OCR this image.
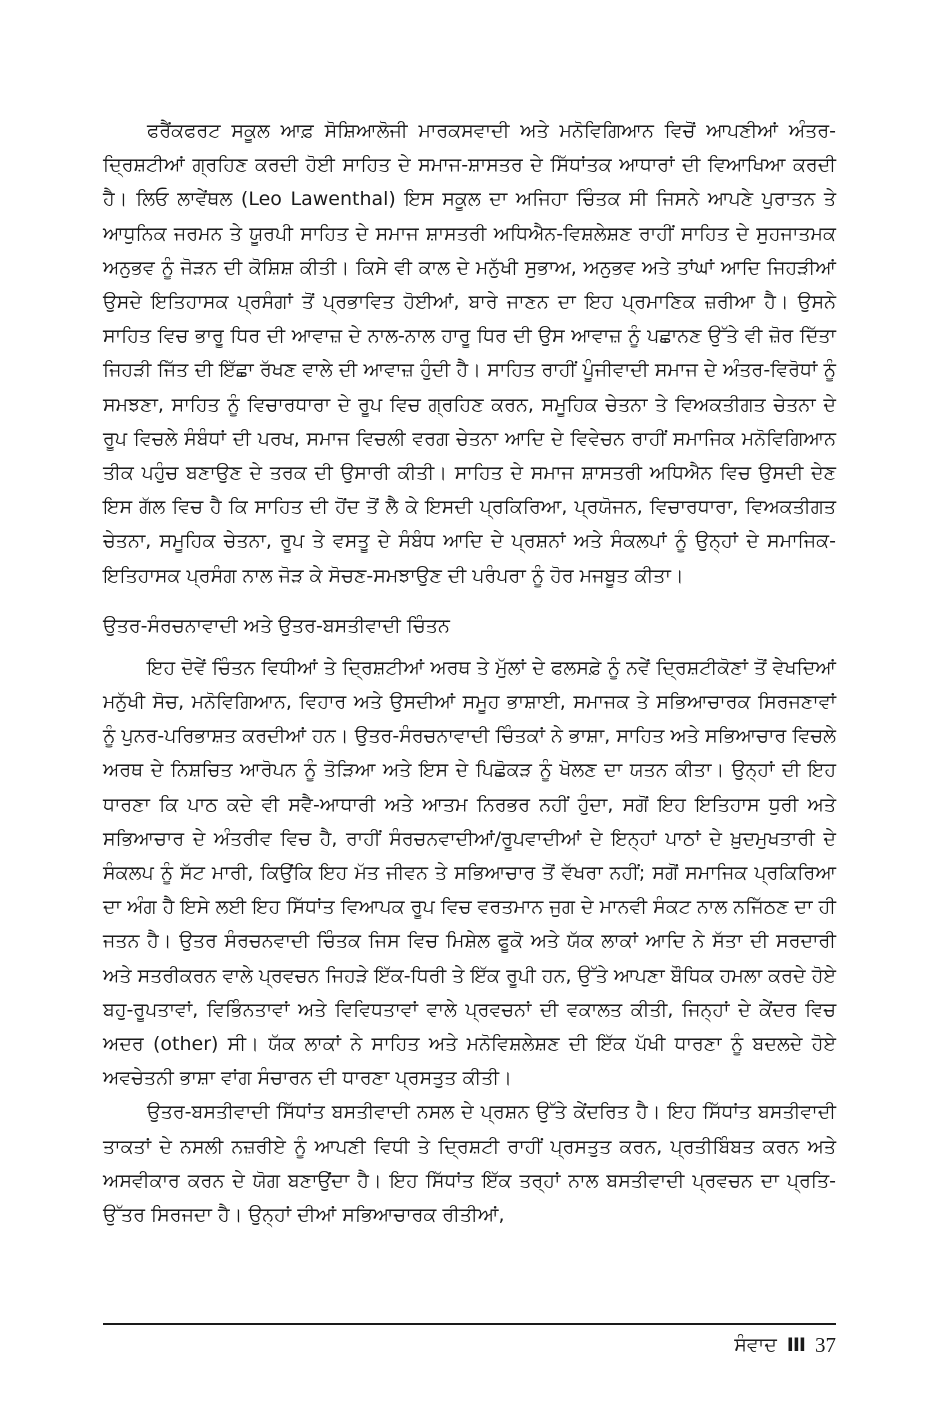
ਫਰੈਂਕਫਰਟ ਸਕੂਲ ਆਫ਼ ਸੋਸ਼ਿਆਲੋਜੀ ਮਾਰਕਸਵਾਦੀ ਅਤੇ ਮਨੋਵਿਗਿਆਨ ਵਿਚੋਂ ਆਪਣੀਆਂ ਅੰਤਰ-ਦ੍ਰਿਸ਼ਟੀਆਂ ਗ੍ਰਹਿਣ ਕਰਦੀ ਹੋਈ ਸਾਹਿਤ ਦੇ ਸਮਾਜ-ਸ਼ਾਸਤਰ ਦੇ ਸਿੱਧਾਂਤਕ ਆਧਾਰਾਂ ਦੀ ਵਿਆਖਿਆ ਕਰਦੀ ਹੈ। ਲਿਓ ਲਾਵੇਂਥਲ (Leo Lawenthal) ਇਸ ਸਕੂਲ ਦਾ ਅਜਿਹਾ ਚਿੰਤਕ ਸੀ ਜਿਸਨੇ ਆਪਣੇ ਪੁਰਾਤਨ ਤੇ ਆਧੁਨਿਕ ਜਰਮਨ ਤੇ ਯੂਰਪੀ ਸਾਹਿਤ ਦੇ ਸਮਾਜ ਸ਼ਾਸਤਰੀ ਅਧਿਐਨ-ਵਿਸ਼ਲੇਸ਼ਣ ਰਾਹੀਂ ਸਾਹਿਤ ਦੇ ਸੁਹਜਾਤਮਕ ਅਨੁਭਵ ਨੂੰ ਜੋੜਨ ਦੀ ਕੋਸ਼ਿਸ਼ ਕੀਤੀ। ਕਿਸੇ ਵੀ ਕਾਲ ਦੇ ਮਨੁੱਖੀ ਸੁਭਾਅ, ਅਨੁਭਵ ਅਤੇ ਤਾਂਘਾਂ ਆਦਿ ਜਿਹੜੀਆਂ ਉਸਦੇ ਇਤਿਹਾਸਕ ਪ੍ਰਸੰਗਾਂ ਤੋਂ ਪ੍ਰਭਾਵਿਤ ਹੋਈਆਂ, ਬਾਰੇ ਜਾਣਨ ਦਾ ਇਹ ਪ੍ਰਮਾਣਿਕ ਜ਼ਰੀਆ ਹੈ। ਉਸਨੇ ਸਾਹਿਤ ਵਿਚ ਭਾਰੂ ਧਿਰ ਦੀ ਆਵਾਜ਼ ਦੇ ਨਾਲ-ਨਾਲ ਹਾਰੂ ਧਿਰ ਦੀ ਉਸ ਆਵਾਜ਼ ਨੂੰ ਪਛਾਨਣ ਉੱਤੇ ਵੀ ਜ਼ੋਰ ਦਿੱਤਾ ਜਿਹੜੀ ਜਿੱਤ ਦੀ ਇੱਛਾ ਰੱਖਣ ਵਾਲੇ ਦੀ ਆਵਾਜ਼ ਹੁੰਦੀ ਹੈ। ਸਾਹਿਤ ਰਾਹੀਂ ਪੂੰਜੀਵਾਦੀ ਸਮਾਜ ਦੇ ਅੰਤਰ-ਵਿਰੋਧਾਂ ਨੂੰ ਸਮਝਣਾ, ਸਾਹਿਤ ਨੂੰ ਵਿਚਾਰਧਾਰਾ ਦੇ ਰੂਪ ਵਿਚ ਗ੍ਰਹਿਣ ਕਰਨ, ਸਮੂਹਿਕ ਚੇਤਨਾ ਤੇ ਵਿਅਕਤੀਗਤ ਚੇਤਨਾ ਦੇ ਰੂਪ ਵਿਚਲੇ ਸੰਬੰਧਾਂ ਦੀ ਪਰਖ, ਸਮਾਜ ਵਿਚਲੀ ਵਰਗ ਚੇਤਨਾ ਆਦਿ ਦੇ ਵਿਵੇਚਨ ਰਾਹੀਂ ਸਮਾਜਿਕ ਮਨੋਵਿਗਿਆਨ ਤੀਕ ਪਹੁੰਚ ਬਣਾਉਣ ਦੇ ਤਰਕ ਦੀ ਉਸਾਰੀ ਕੀਤੀ। ਸਾਹਿਤ ਦੇ ਸਮਾਜ ਸ਼ਾਸਤਰੀ ਅਧਿਐਨ ਵਿਚ ਉਸਦੀ ਦੇਣ ਇਸ ਗੱਲ ਵਿਚ ਹੈ ਕਿ ਸਾਹਿਤ ਦੀ ਹੋਂਦ ਤੋਂ ਲੈ ਕੇ ਇਸਦੀ ਪ੍ਰਕਿਰਿਆ, ਪ੍ਰਯੋਜਨ, ਵਿਚਾਰਧਾਰਾ, ਵਿਅਕਤੀਗਤ ਚੇਤਨਾ, ਸਮੂਹਿਕ ਚੇਤਨਾ, ਰੂਪ ਤੇ ਵਸਤੂ ਦੇ ਸੰਬੰਧ ਆਦਿ ਦੇ ਪ੍ਰਸ਼ਨਾਂ ਅਤੇ ਸੰਕਲਪਾਂ ਨੂੰ ਉਨ੍ਹਾਂ ਦੇ ਸਮਾਜਿਕ-ਇਤਿਹਾਸਕ ਪ੍ਰਸੰਗ ਨਾਲ ਜੋੜ ਕੇ ਸੋਚਣ-ਸਮਝਾਉਣ ਦੀ ਪਰੰਪਰਾ ਨੂੰ ਹੋਰ ਮਜਬੂਤ ਕੀਤਾ।

ਉਤਰ-ਸੰਰਚਨਾਵਾਦੀ ਅਤੇ ਉਤਰ-ਬਸਤੀਵਾਦੀ ਚਿੰਤਨ

ਇਹ ਦੋਵੇਂ ਚਿੰਤਨ ਵਿਧੀਆਂ ਤੇ ਦ੍ਰਿਸ਼ਟੀਆਂ ਅਰਥ ਤੇ ਮੁੱਲਾਂ ਦੇ ਫਲਸਫ਼ੇ ਨੂੰ ਨਵੇਂ ਦ੍ਰਿਸ਼ਟੀਕੋਣਾਂ ਤੋਂ ਵੇਖਦਿਆਂ ਮਨੁੱਖੀ ਸੋਚ, ਮਨੋਵਿਗਿਆਨ, ਵਿਹਾਰ ਅਤੇ ਉਸਦੀਆਂ ਸਮੂਹ ਭਾਸ਼ਾਈ, ਸਮਾਜਕ ਤੇ ਸਭਿਆਚਾਰਕ ਸਿਰਜਣਾਵਾਂ ਨੂੰ ਪੁਨਰ-ਪਰਿਭਾਸ਼ਤ ਕਰਦੀਆਂ ਹਨ। ਉਤਰ-ਸੰਰਚਨਾਵਾਦੀ ਚਿੰਤਕਾਂ ਨੇ ਭਾਸ਼ਾ, ਸਾਹਿਤ ਅਤੇ ਸਭਿਆਚਾਰ ਵਿਚਲੇ ਅਰਥ ਦੇ ਨਿਸ਼ਚਿਤ ਆਰੋਪਨ ਨੂੰ ਤੋੜਿਆ ਅਤੇ ਇਸ ਦੇ ਪਿਛੋਕੜ ਨੂੰ ਖੋਲਣ ਦਾ ਯਤਨ ਕੀਤਾ। ਉਨ੍ਹਾਂ ਦੀ ਇਹ ਧਾਰਣਾ ਕਿ ਪਾਠ ਕਦੇ ਵੀ ਸਵੈ-ਆਧਾਰੀ ਅਤੇ ਆਤਮ ਨਿਰਭਰ ਨਹੀਂ ਹੁੰਦਾ, ਸਗੋਂ ਇਹ ਇਤਿਹਾਸ ਧੁਰੀ ਅਤੇ ਸਭਿਆਚਾਰ ਦੇ ਅੰਤਰੀਵ ਵਿਚ ਹੈ, ਰਾਹੀਂ ਸੰਰਚਨਵਾਦੀਆਂ/ਰੂਪਵਾਦੀਆਂ ਦੇ ਇਨ੍ਹਾਂ ਪਾਠਾਂ ਦੇ ਖ਼ੁਦਮੁਖਤਾਰੀ ਦੇ ਸੰਕਲਪ ਨੂੰ ਸੱਟ ਮਾਰੀ, ਕਿਉਂਕਿ ਇਹ ਮੱਤ ਜੀਵਨ ਤੇ ਸਭਿਆਚਾਰ ਤੋਂ ਵੱਖਰਾ ਨਹੀਂ; ਸਗੋਂ ਸਮਾਜਿਕ ਪ੍ਰਕਿਰਿਆ ਦਾ ਅੰਗ ਹੈ ਇਸੇ ਲਈ ਇਹ ਸਿੱਧਾਂਤ ਵਿਆਪਕ ਰੂਪ ਵਿਚ ਵਰਤਮਾਨ ਜੁਗ ਦੇ ਮਾਨਵੀ ਸੰਕਟ ਨਾਲ ਨਜਿੱਠਣ ਦਾ ਹੀ ਜਤਨ ਹੈ। ਉਤਰ ਸੰਰਚਨਵਾਦੀ ਚਿੰਤਕ ਜਿਸ ਵਿਚ ਮਿਸ਼ੇਲ ਫੂਕੋ ਅਤੇ ਯੱਕ ਲਾਕਾਂ ਆਦਿ ਨੇ ਸੱਤਾ ਦੀ ਸਰਦਾਰੀ ਅਤੇ ਸਤਰੀਕਰਨ ਵਾਲੇ ਪ੍ਰਵਚਨ ਜਿਹੜੇ ਇੱਕ-ਧਿਰੀ ਤੇ ਇੱਕ ਰੂਪੀ ਹਨ, ਉੱਤੇ ਆਪਣਾ ਬੌਧਿਕ ਹਮਲਾ ਕਰਦੇ ਹੋਏ ਬਹੁ-ਰੂਪਤਾਵਾਂ, ਵਿਭਿੰਨਤਾਵਾਂ ਅਤੇ ਵਿਵਿਧਤਾਵਾਂ ਵਾਲੇ ਪ੍ਰਵਚਨਾਂ ਦੀ ਵਕਾਲਤ ਕੀਤੀ, ਜਿਨ੍ਹਾਂ ਦੇ ਕੇਂਦਰ ਵਿਚ ਅਦਰ (other) ਸੀ। ਯੱਕ ਲਾਕਾਂ ਨੇ ਸਾਹਿਤ ਅਤੇ ਮਨੋਵਿਸ਼ਲੇਸ਼ਣ ਦੀ ਇੱਕ ਪੱਖੀ ਧਾਰਣਾ ਨੂੰ ਬਦਲਦੇ ਹੋਏ ਅਵਚੇਤਨੀ ਭਾਸ਼ਾ ਵਾਂਗ ਸੰਚਾਰਨ ਦੀ ਧਾਰਣਾ ਪ੍ਰਸਤੁਤ ਕੀਤੀ।

ਉਤਰ-ਬਸਤੀਵਾਦੀ ਸਿੱਧਾਂਤ ਬਸਤੀਵਾਦੀ ਨਸਲ ਦੇ ਪ੍ਰਸ਼ਨ ਉੱਤੇ ਕੇਂਦਰਿਤ ਹੈ। ਇਹ ਸਿੱਧਾਂਤ ਬਸਤੀਵਾਦੀ ਤਾਕਤਾਂ ਦੇ ਨਸਲੀ ਨਜ਼ਰੀਏ ਨੂੰ ਆਪਣੀ ਵਿਧੀ ਤੇ ਦ੍ਰਿਸ਼ਟੀ ਰਾਹੀਂ ਪ੍ਰਸਤੁਤ ਕਰਨ, ਪ੍ਰਤੀਬਿੰਬਤ ਕਰਨ ਅਤੇ ਅਸਵੀਕਾਰ ਕਰਨ ਦੇ ਯੋਗ ਬਣਾਉਂਦਾ ਹੈ। ਇਹ ਸਿੱਧਾਂਤ ਇੱਕ ਤਰ੍ਹਾਂ ਨਾਲ ਬਸਤੀਵਾਦੀ ਪ੍ਰਵਚਨ ਦਾ ਪ੍ਰਤਿ-ਉੱਤਰ ਸਿਰਜਦਾ ਹੈ। ਉਨ੍ਹਾਂ ਦੀਆਂ ਸਭਿਆਚਾਰਕ ਰੀਤੀਆਂ,

ਸੰਵਾਦ III 37
